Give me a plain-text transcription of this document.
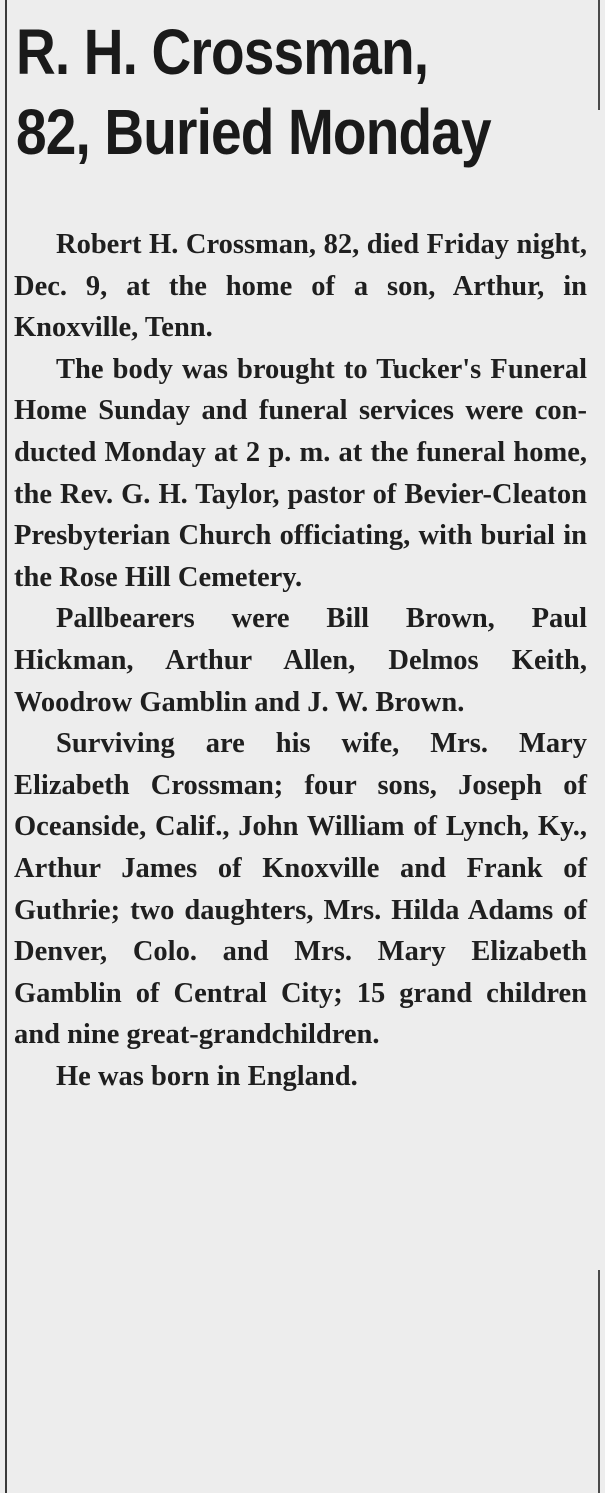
R. H. Crossman,
82, Buried Monday

Robert H. Crossman, 82, died Friday night, Dec. 9, at the home of a son, Arthur, in Knoxville, Tenn.

The body was brought to Tucker's Funeral Home Sunday and funeral services were conducted Monday at 2 p. m. at the funeral home, the Rev. G. H. Taylor, pastor of Bevier-Cleaton Presbyterian Church officiating, with burial in the Rose Hill Cemetery.

Pallbearers were Bill Brown, Paul Hickman, Arthur Allen, Delmos Keith, Woodrow Gamblin and J. W. Brown.

Surviving are his wife, Mrs. Mary Elizabeth Crossman; four sons, Joseph of Oceanside, Calif., John William of Lynch, Ky., Arthur James of Knoxville and Frank of Guthrie; two daughters, Mrs. Hilda Adams of Denver, Colo. and Mrs. Mary Elizabeth Gamblin of Central City; 15 grand children and nine great-grandchildren.

He was born in England.
